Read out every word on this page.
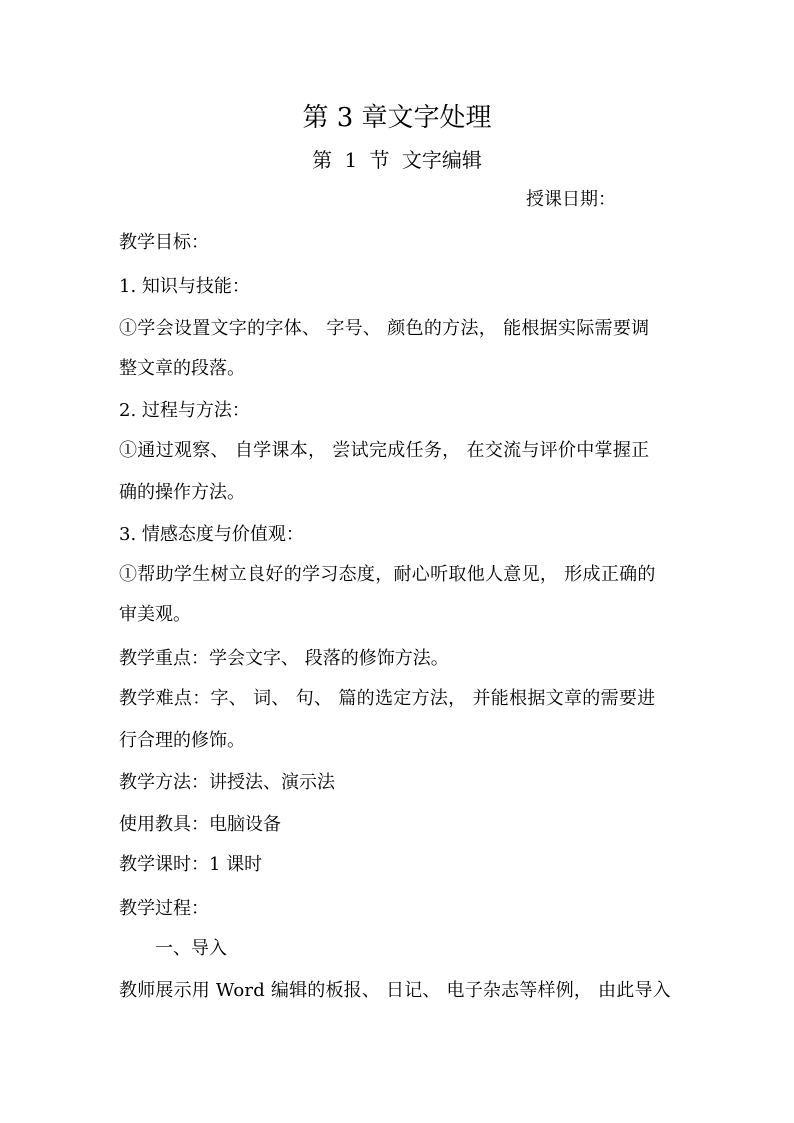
第 3 章文字处理
第 1 节 文字编辑
授课日期：
教学目标：
1. 知识与技能：
①学会设置文字的字体、 字号、 颜色的方法， 能根据实际需要调
整文章的段落。
2. 过程与方法：
①通过观察、 自学课本， 尝试完成任务， 在交流与评价中掌握正
确的操作方法。
3. 情感态度与价值观：
①帮助学生树立良好的学习态度，耐心听取他人意见， 形成正确的
审美观。
教学重点：学会文字、 段落的修饰方法。
教学难点：字、 词、 句、 篇的选定方法， 并能根据文章的需要进
行合理的修饰。
教学方法：讲授法、演示法
使用教具：电脑设备
教学课时：1 课时
教学过程：
一、导入
教师展示用 Word 编辑的板报、 日记、 电子杂志等样例， 由此导入
